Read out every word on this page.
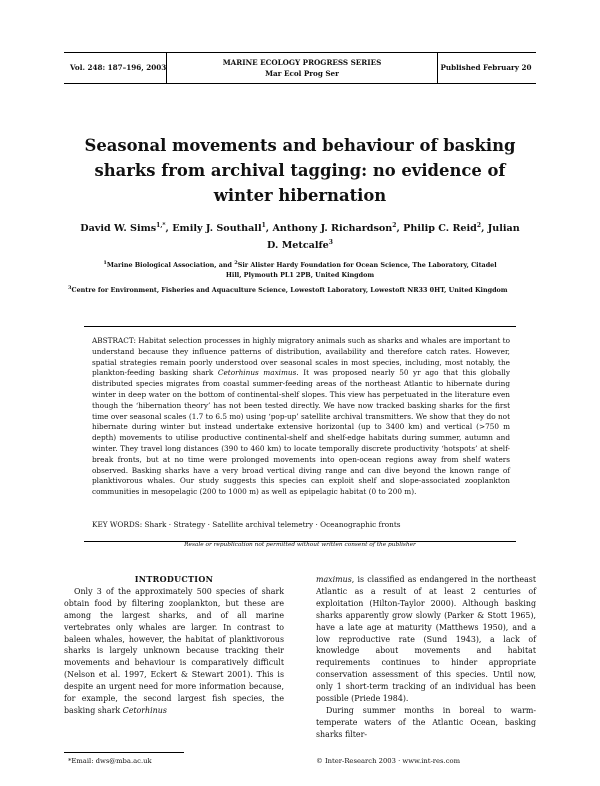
Vol. 248: 187–196, 2003
MARINE ECOLOGY PROGRESS SERIES
Mar Ecol Prog Ser
Published February 20
Seasonal movements and behaviour of basking sharks from archival tagging: no evidence of winter hibernation
David W. Sims$^{1,*}$, Emily J. Southall$^1$, Anthony J. Richardson$^2$, Philip C. Reid$^2$, Julian D. Metcalfe$^3$
$^1$Marine Biological Association, and $^2$Sir Alister Hardy Foundation for Ocean Science, The Laboratory, Citadel Hill, Plymouth PL1 2PB, United Kingdom
$^3$Centre for Environment, Fisheries and Aquaculture Science, Lowestoft Laboratory, Lowestoft NR33 0HT, United Kingdom
ABSTRACT: Habitat selection processes in highly migratory animals such as sharks and whales are important to understand because they influence patterns of distribution, availability and therefore catch rates. However, spatial strategies remain poorly understood over seasonal scales in most species, including, most notably, the plankton-feeding basking shark Cetorhinus maximus. It was proposed nearly 50 yr ago that this globally distributed species migrates from coastal summer-feeding areas of the northeast Atlantic to hibernate during winter in deep water on the bottom of continental-shelf slopes. This view has perpetuated in the literature even though the ‘hibernation theory’ has not been tested directly. We have now tracked basking sharks for the first time over seasonal scales (1.7 to 6.5 mo) using ‘pop-up’ satellite archival transmitters. We show that they do not hibernate during winter but instead undertake extensive horizontal (up to 3400 km) and vertical (>750 m depth) movements to utilise productive continental-shelf and shelf-edge habitats during summer, autumn and winter. They travel long distances (390 to 460 km) to locate temporally discrete productivity ‘hotspots’ at shelf-break fronts, but at no time were prolonged movements into open-ocean regions away from shelf waters observed. Basking sharks have a very broad vertical diving range and can dive beyond the known range of planktivorous whales. Our study suggests this species can exploit shelf and slope-associated zooplankton communities in mesopelagic (200 to 1000 m) as well as epipelagic habitat (0 to 200 m).
KEY WORDS: Shark · Strategy · Satellite archival telemetry · Oceanographic fronts
Resale or republication not permitted without written consent of the publisher

INTRODUCTION

Only 3 of the approximately 500 species of shark obtain food by filtering zooplankton, but these are among the largest sharks, and of all marine vertebrates only whales are larger. In contrast to baleen whales, however, the habitat of planktivorous sharks is largely unknown because tracking their movements and behaviour is comparatively difficult (Nelson et al. 1997, Eckert & Stewart 2001). This is despite an urgent need for more information because, for example, the second largest fish species, the basking shark Cetorhinus

maximus, is classified as endangered in the northeast Atlantic as a result of at least 2 centuries of exploitation (Hilton-Taylor 2000). Although basking sharks apparently grow slowly (Parker & Stott 1965), have a late age at maturity (Matthews 1950), and a low reproductive rate (Sund 1943), a lack of knowledge about movements and habitat requirements continues to hinder appropriate conservation assessment of this species. Until now, only 1 short-term tracking of an individual has been possible (Priede 1984).

During summer months in boreal to warm-temperate waters of the Atlantic Ocean, basking sharks filter-

*Email: dws@mba.ac.uk	© Inter-Research 2003 · www.int-res.com
